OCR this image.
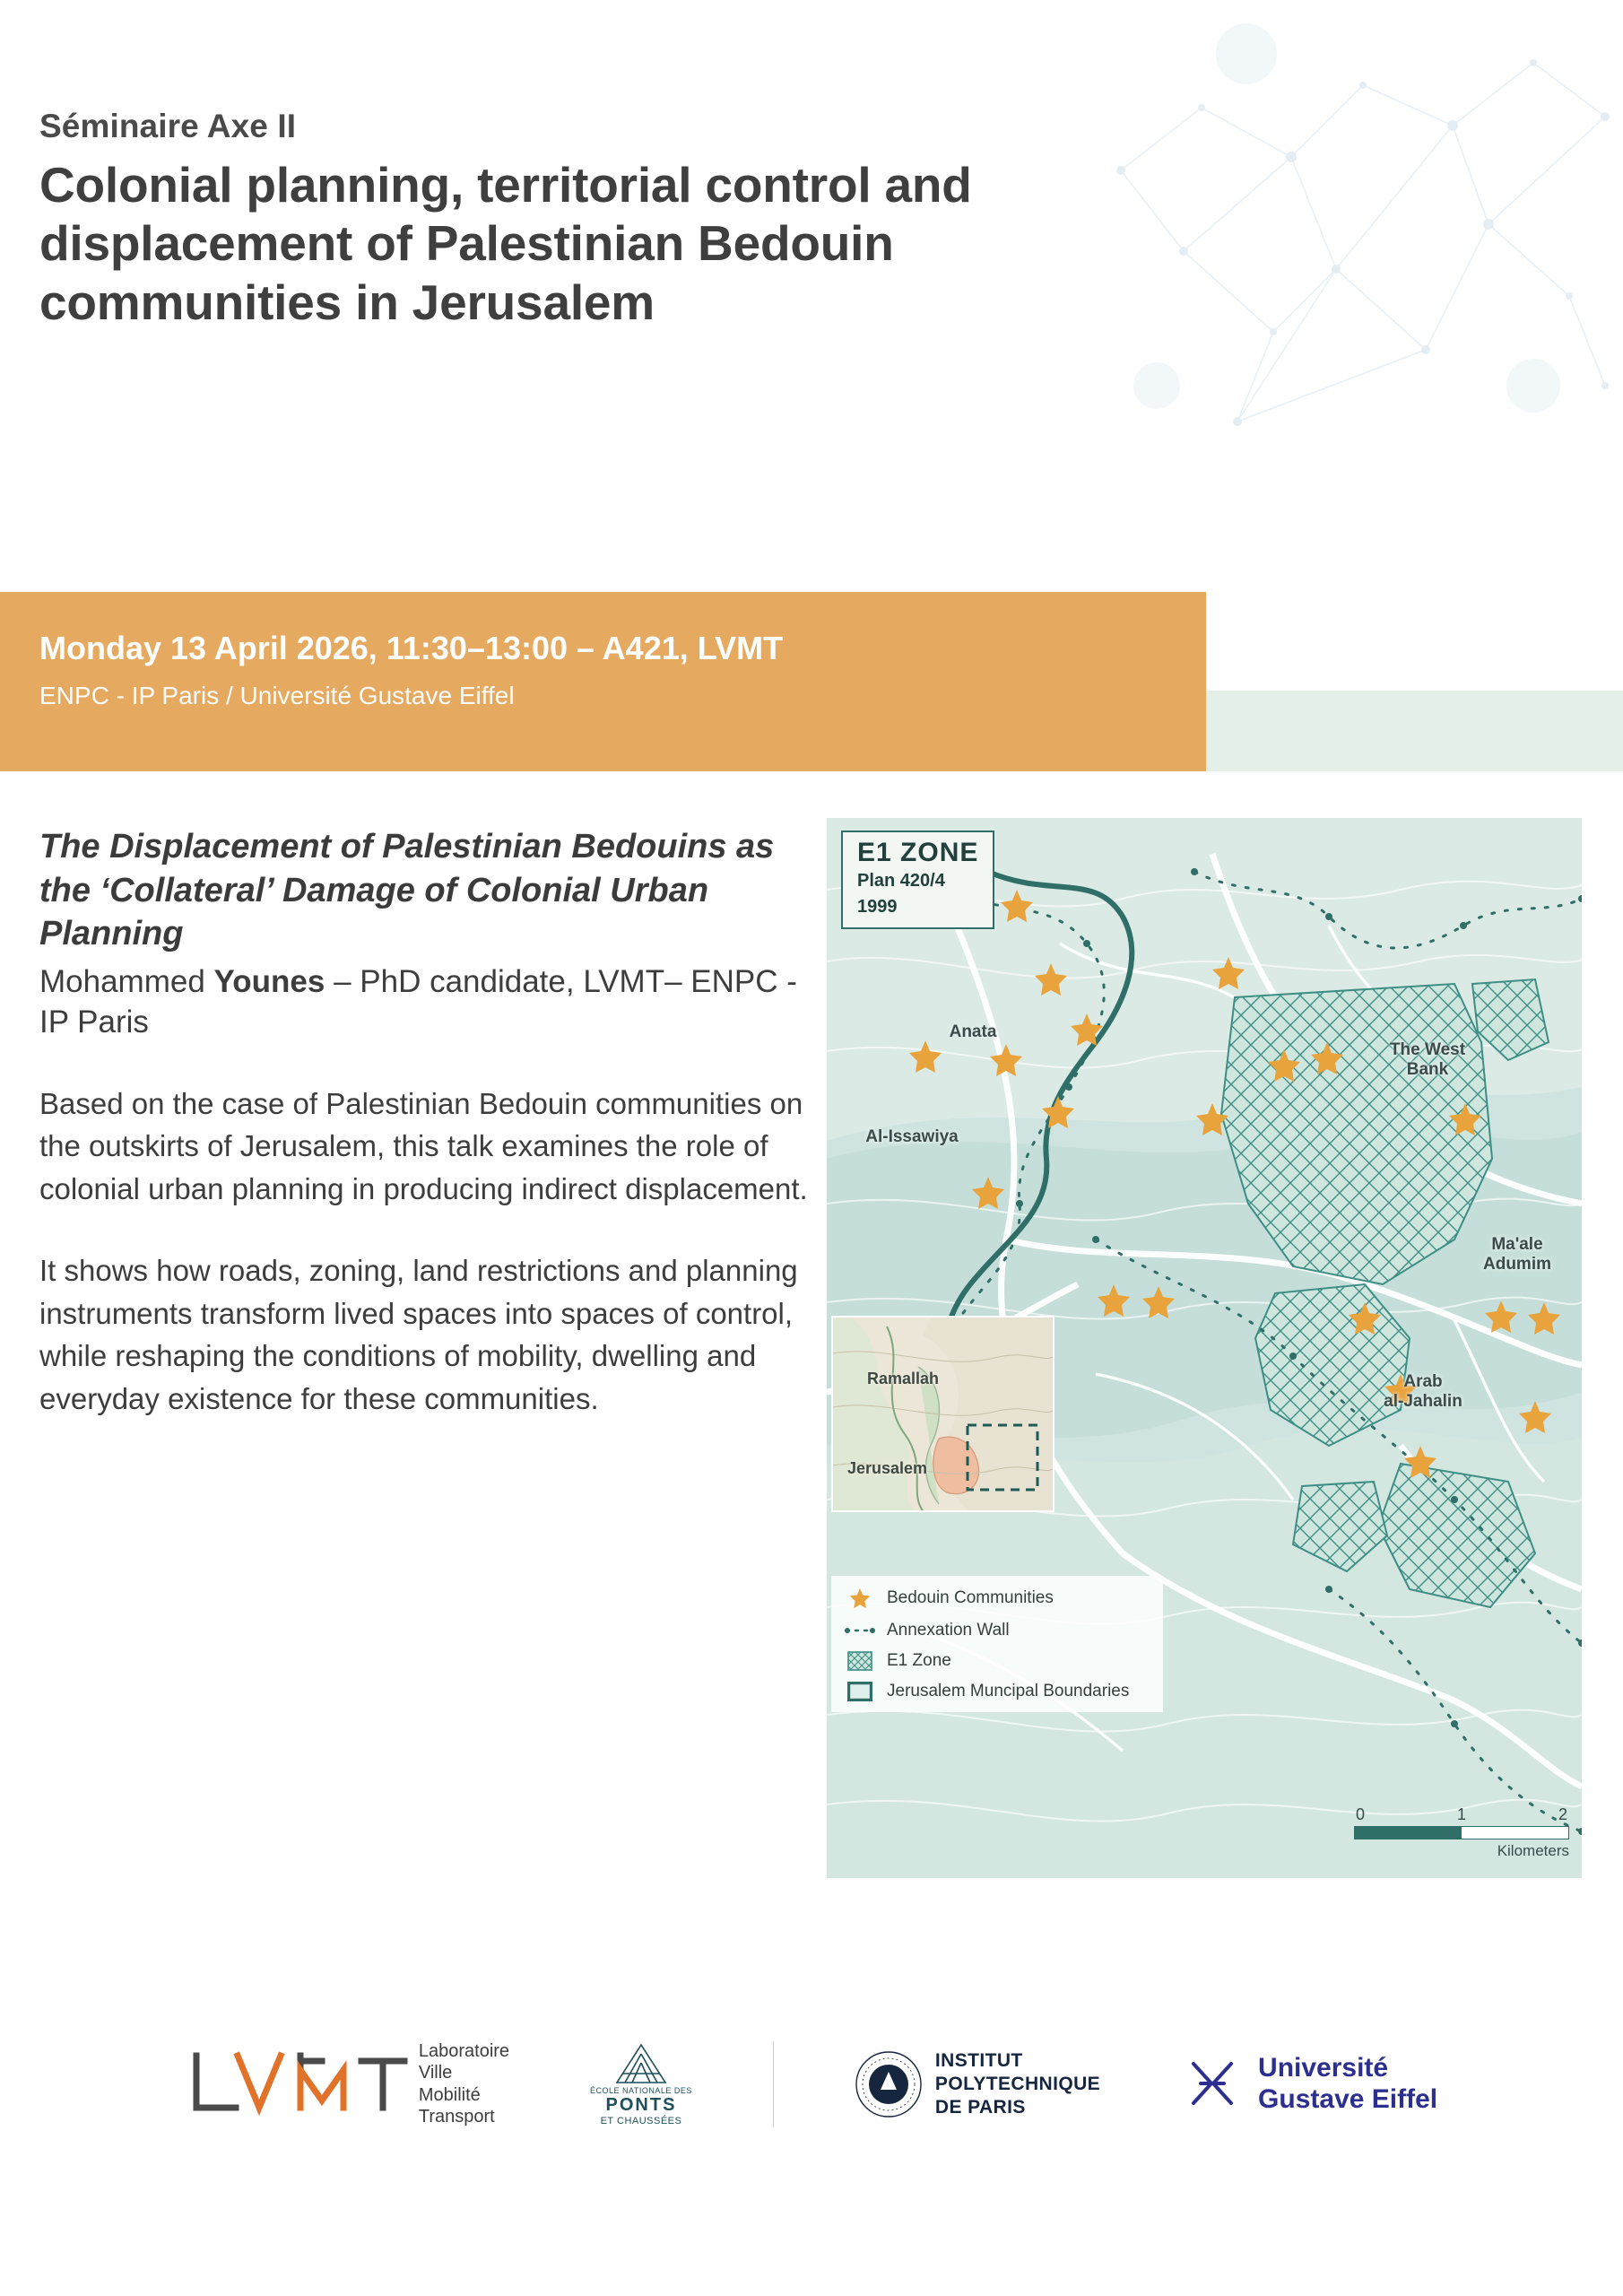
Séminaire Axe II

Colonial planning, territorial control and displacement of Palestinian Bedouin communities in Jerusalem

Monday 13 April 2026, 11:30–13:00 – A421, LVMT

ENPC - IP Paris / Université Gustave Eiffel

The Displacement of Palestinian Bedouins as the ‘Collateral’ Damage of Colonial Urban Planning

Mohammed Younes – PhD candidate, LVMT– ENPC - IP Paris

Based on the case of Palestinian Bedouin communities on the outskirts of Jerusalem, this talk examines the role of colonial urban planning in producing indirect displacement.

It shows how roads, zoning, land restrictions and planning instruments transform lived spaces into spaces of control, while reshaping the conditions of mobility, dwelling and everyday existence for these communities.

E1 ZONE
Plan 420/4
1999
Anata
The West
Bank
Al-Issawiya
Ma'ale
Adumim
Arab
al-Jahalin
Ramallah
Jerusalem
Bedouin Communities
Annexation Wall
E1 Zone
Jerusalem Muncipal Boundaries
0	1	2
Kilometers
Laboratoire
Ville
Mobilité
Transport
ÉCOLE NATIONALE DES
PONTS
ET CHAUSSÉES
INSTITUT
POLYTECHNIQUE
DE PARIS
Université
Gustave Eiffel
